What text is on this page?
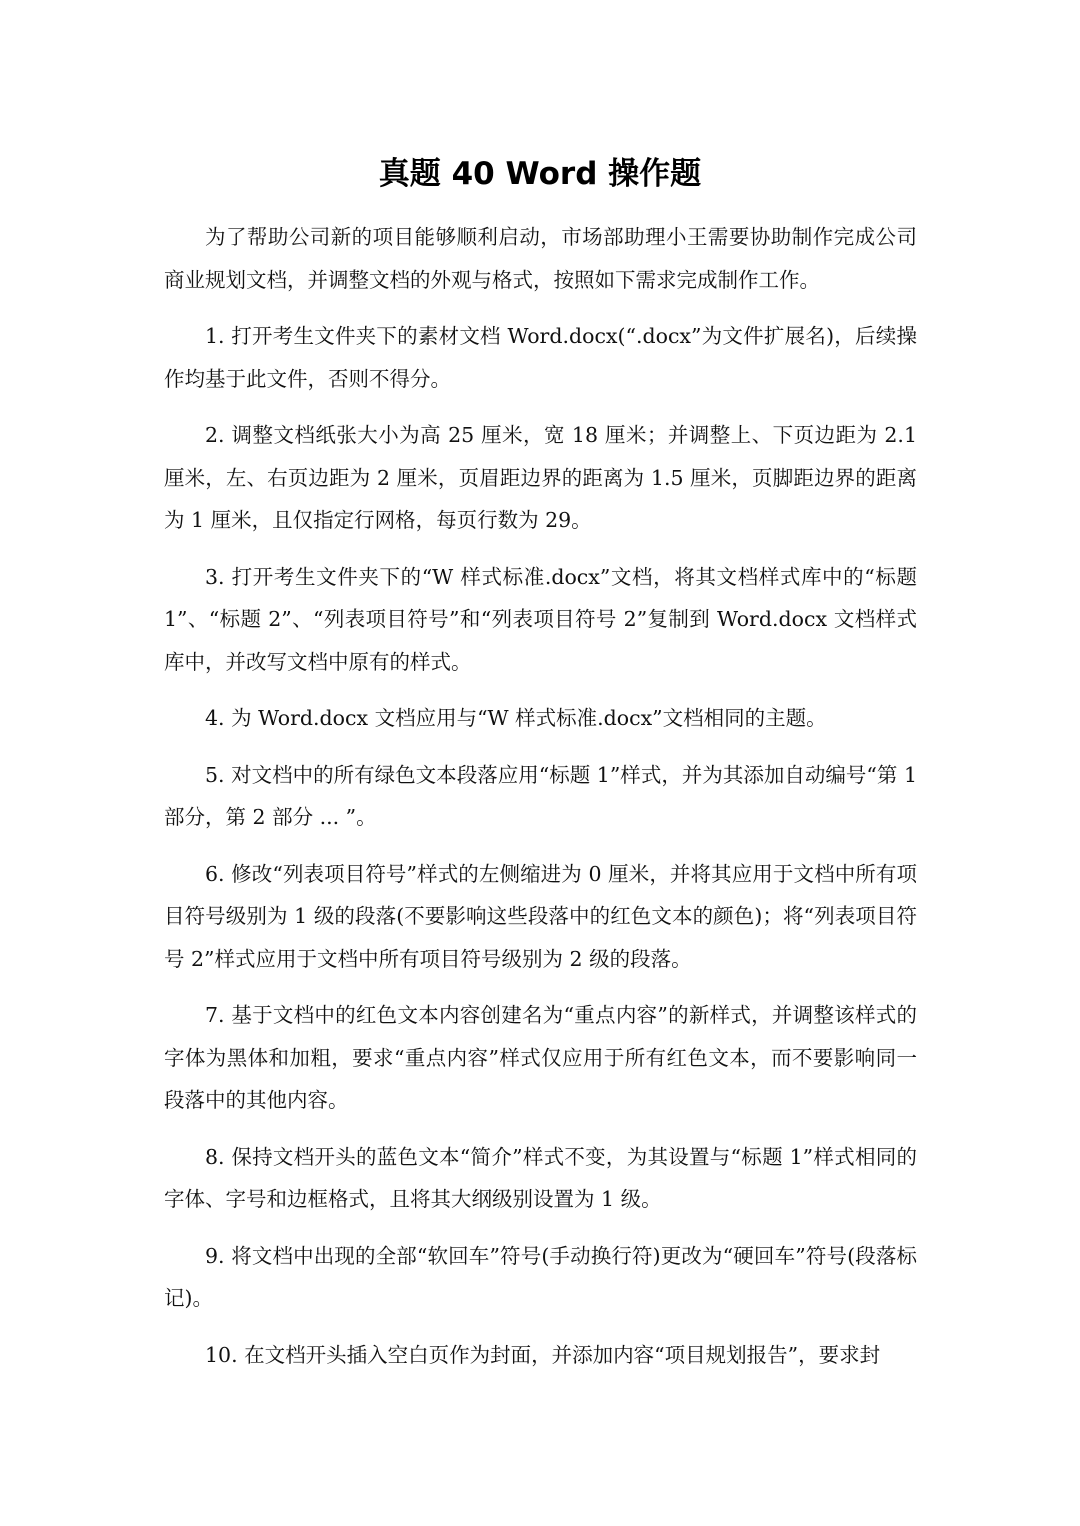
真题 40 Word 操作题

为了帮助公司新的项目能够顺利启动，市场部助理小王需要协助制作完成公司商业规划文档，并调整文档的外观与格式，按照如下需求完成制作工作。

1. 打开考生文件夹下的素材文档 Word.docx(“.docx”为文件扩展名)，后续操作均基于此文件，否则不得分。

2. 调整文档纸张大小为高 25 厘米，宽 18 厘米；并调整上、下页边距为 2.1 厘米，左、右页边距为 2 厘米，页眉距边界的距离为 1.5 厘米，页脚距边界的距离为 1 厘米，且仅指定行网格，每页行数为 29。

3. 打开考生文件夹下的“W 样式标准.docx”文档，将其文档样式库中的“标题 1”、“标题 2”、“列表项目符号”和“列表项目符号 2”复制到 Word.docx 文档样式库中，并改写文档中原有的样式。

4. 为 Word.docx 文档应用与“W 样式标准.docx”文档相同的主题。

5. 对文档中的所有绿色文本段落应用“标题 1”样式，并为其添加自动编号“第 1 部分，第 2 部分 ... ”。

6. 修改“列表项目符号”样式的左侧缩进为 0 厘米，并将其应用于文档中所有项目符号级别为 1 级的段落(不要影响这些段落中的红色文本的颜色)；将“列表项目符号 2”样式应用于文档中所有项目符号级别为 2 级的段落。

7. 基于文档中的红色文本内容创建名为“重点内容”的新样式，并调整该样式的字体为黑体和加粗，要求“重点内容”样式仅应用于所有红色文本，而不要影响同一段落中的其他内容。

8. 保持文档开头的蓝色文本“简介”样式不变，为其设置与“标题 1”样式相同的字体、字号和边框格式，且将其大纲级别设置为 1 级。

9. 将文档中出现的全部“软回车”符号(手动换行符)更改为“硬回车”符号(段落标记)。

10. 在文档开头插入空白页作为封面，并添加内容“项目规划报告”，要求封
